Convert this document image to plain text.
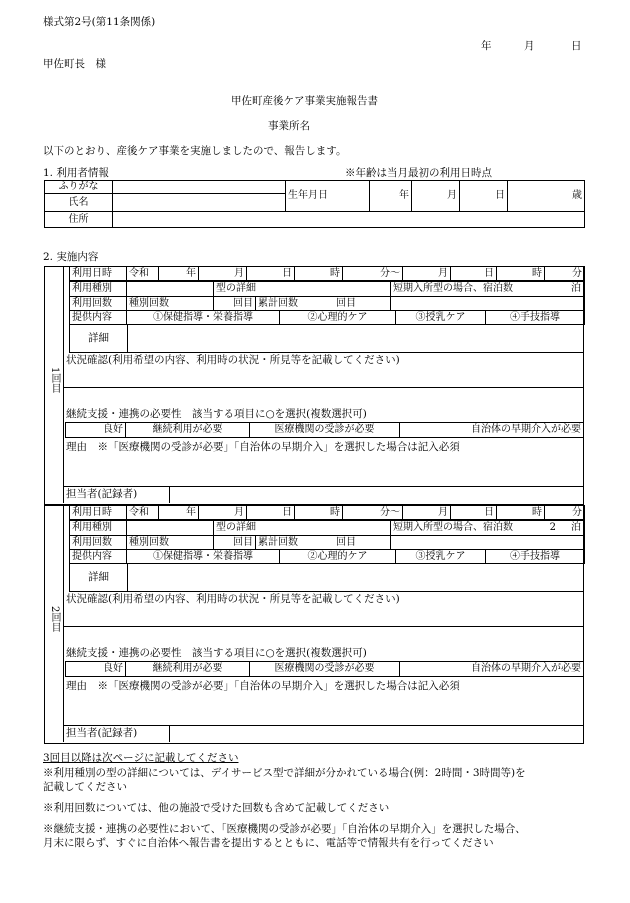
様式第2号(第11条関係)
年	月	日
甲佐町長　様
甲佐町産後ケア事業実施報告書
事業所名
以下のとおり、産後ケア事業を実施しましたので、報告します。
1. 利用者情報	※年齢は当月最初の利用日時点
ふりがな		生年月日	年	月	日	歳
氏名						
住所						
2. 実施内容
1回目
利用日時	令和	年	月	日	時	分〜	月	日	時	分
利用種別		型の詳細		短期入所型の場合、宿泊数 泊

利用回数	種別回数	回目	累計回数 回目	

提供内容	①保健指導・栄養指導	②心理的ケア	③授乳ケア	④手技指導
詳細
状況確認(利用希望の内容、利用時の状況・所見等を記載してください)
継続支援・連携の必要性　該当する項目に○を選択(複数選択可)
良好	継続利用が必要	医療機関の受診が必要	自治体の早期介入が必要
理由　※「医療機関の受診が必要」「自治体の早期介入」を選択した場合は記入必須
担当者(記録者)
2回目
利用日時	令和	年	月	日	時	分〜	月	日	時	分
利用種別		型の詳細		短期入所型の場合、宿泊数 2 泊

利用回数	種別回数	回目	累計回数 回目	

提供内容	①保健指導・栄養指導	②心理的ケア	③授乳ケア	④手技指導
詳細
状況確認(利用希望の内容、利用時の状況・所見等を記載してください)
継続支援・連携の必要性　該当する項目に○を選択(複数選択可)
良好	継続利用が必要	医療機関の受診が必要	自治体の早期介入が必要
理由　※「医療機関の受診が必要」「自治体の早期介入」を選択した場合は記入必須
担当者(記録者)
3回目以降は次ページに記載してください
※利用種別の型の詳細については、デイサービス型で詳細が分かれている場合(例：2時間・3時間等)を
記載してください
※利用回数については、他の施設で受けた回数も含めて記載してください
※継続支援・連携の必要性において、「医療機関の受診が必要」「自治体の早期介入」を選択した場合、
月末に限らず、すぐに自治体へ報告書を提出するとともに、電話等で情報共有を行ってください
